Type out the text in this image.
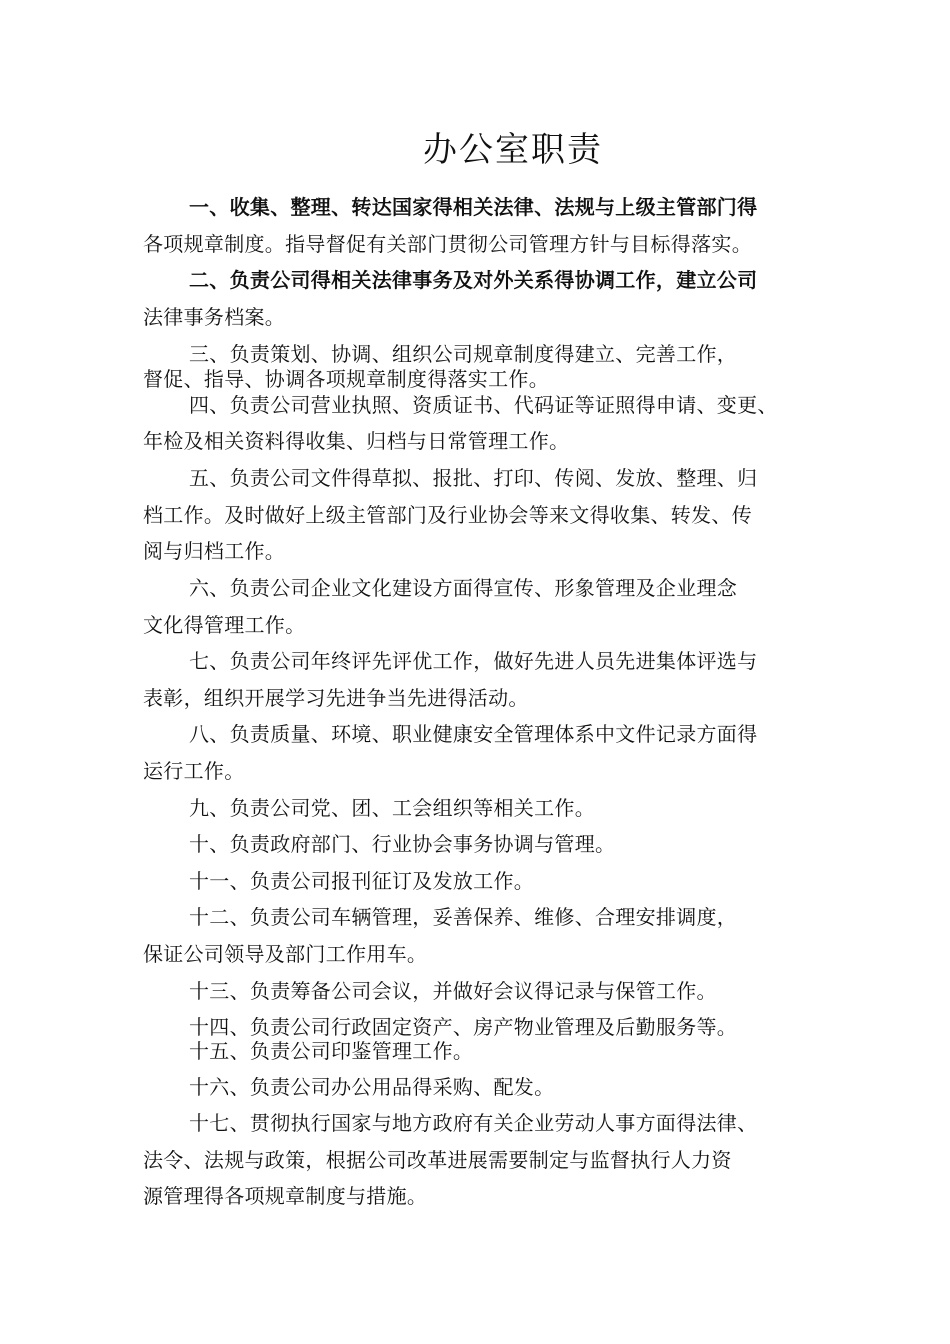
办公室职责
一、收集、整理、转达国家得相关法律、法规与上级主管部门得
各项规章制度。指导督促有关部门贯彻公司管理方针与目标得落实。
二、负责公司得相关法律事务及对外关系得协调工作，建立公司
法律事务档案。
三、负责策划、协调、组织公司规章制度得建立、完善工作，
督促、指导、协调各项规章制度得落实工作。
四、负责公司营业执照、资质证书、代码证等证照得申请、变更、
年检及相关资料得收集、归档与日常管理工作。
五、负责公司文件得草拟、报批、打印、传阅、发放、整理、归
档工作。及时做好上级主管部门及行业协会等来文得收集、转发、传
阅与归档工作。
六、负责公司企业文化建设方面得宣传、形象管理及企业理念
文化得管理工作。
七、负责公司年终评先评优工作，做好先进人员先进集体评选与
表彰，组织开展学习先进争当先进得活动。
八、负责质量、环境、职业健康安全管理体系中文件记录方面得
运行工作。
九、负责公司党、团、工会组织等相关工作。
十、负责政府部门、行业协会事务协调与管理。
十一、负责公司报刊征订及发放工作。
十二、负责公司车辆管理，妥善保养、维修、合理安排调度，
保证公司领导及部门工作用车。
十三、负责筹备公司会议，并做好会议得记录与保管工作。
十四、负责公司行政固定资产、房产物业管理及后勤服务等。
十五、负责公司印鉴管理工作。
十六、负责公司办公用品得采购、配发。
十七、贯彻执行国家与地方政府有关企业劳动人事方面得法律、
法令、法规与政策，根据公司改革进展需要制定与监督执行人力资
源管理得各项规章制度与措施。
